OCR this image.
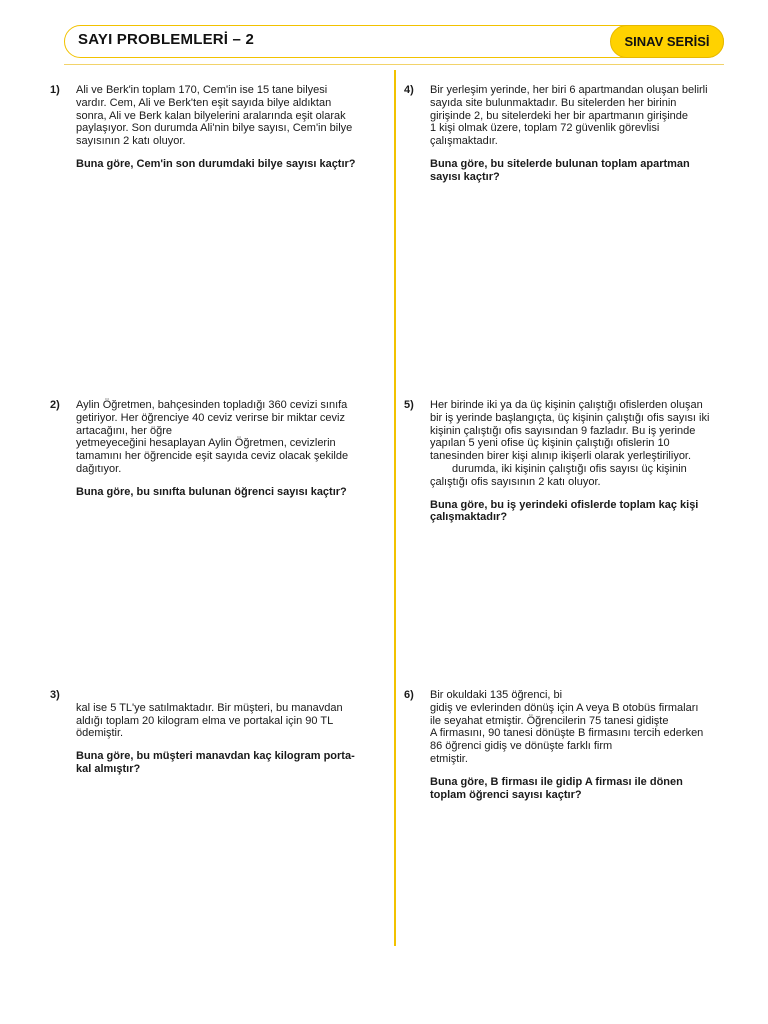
SAYI PROBLEMLERİ – 2	SINAV SERİSİ
1) Ali ve Berk'in toplam 170, Cem'in ise 15 tane bilyesi
vardır. Cem, Ali ve Berk'ten eşit sayıda bilye aldıktan
sonra, Ali ve Berk kalan bilyelerini aralarında eşit olarak
paylaşıyor. Son durumda Ali'nin bilye sayısı, Cem'in bilye
sayısının 2 katı oluyor.
Buna göre, Cem'in son durumdaki bilye sayısı kaçtır?
2) Aylin Öğretmen, bahçesinden topladığı 360 cevizi sınıfa
getiriyor. Her öğrenciye 40 ceviz verirse bir miktar ceviz
artacağını, her öğre
yetmeyeceğini hesaplayan Aylin Öğretmen, cevizlerin
tamamını her öğrencide eşit sayıda ceviz olacak şekilde
dağıtıyor.
Buna göre, bu sınıfta bulunan öğrenci sayısı kaçtır?
3)
kal ise 5 TL'ye satılmaktadır. Bir müşteri, bu manavdan
aldığı toplam 20 kilogram elma ve portakal için 90 TL
ödemiştir.
Buna göre, bu müşteri manavdan kaç kilogram porta-
kal almıştır?
4) Bir yerleşim yerinde, her biri 6 apartmandan oluşan belirli
sayıda site bulunmaktadır. Bu sitelerden her birinin
girişinde 2, bu sitelerdeki her bir apartmanın girişinde
1 kişi olmak üzere, toplam 72 güvenlik görevlisi
çalışmaktadır.
Buna göre, bu sitelerde bulunan toplam apartman
sayısı kaçtır?
5) Her birinde iki ya da üç kişinin çalıştığı ofislerden oluşan
bir iş yerinde başlangıçta, üç kişinin çalıştığı ofis sayısı iki
kişinin çalıştığı ofis sayısından 9 fazladır. Bu iş yerinde
yapılan 5 yeni ofise üç kişinin çalıştığı ofislerin 10
tanesinden birer kişi alınıp ikişerli olarak yerleştiriliyor.
durumda, iki kişinin çalıştığı ofis sayısı üç kişinin
çalıştığı ofis sayısının 2 katı oluyor.
Buna göre, bu iş yerindeki ofislerde toplam kaç kişi
çalışmaktadır?
6) Bir okuldaki 135 öğrenci, bi
gidiş ve evlerinden dönüş için A veya B otobüs firmaları
ile seyahat etmiştir. Öğrencilerin 75 tanesi gidişte
A firmasını, 90 tanesi dönüşte B firmasını tercih ederken
86 öğrenci gidiş ve dönüşte farklı firm
etmiştir.
Buna göre, B firması ile gidip A firması ile dönen
toplam öğrenci sayısı kaçtır?
